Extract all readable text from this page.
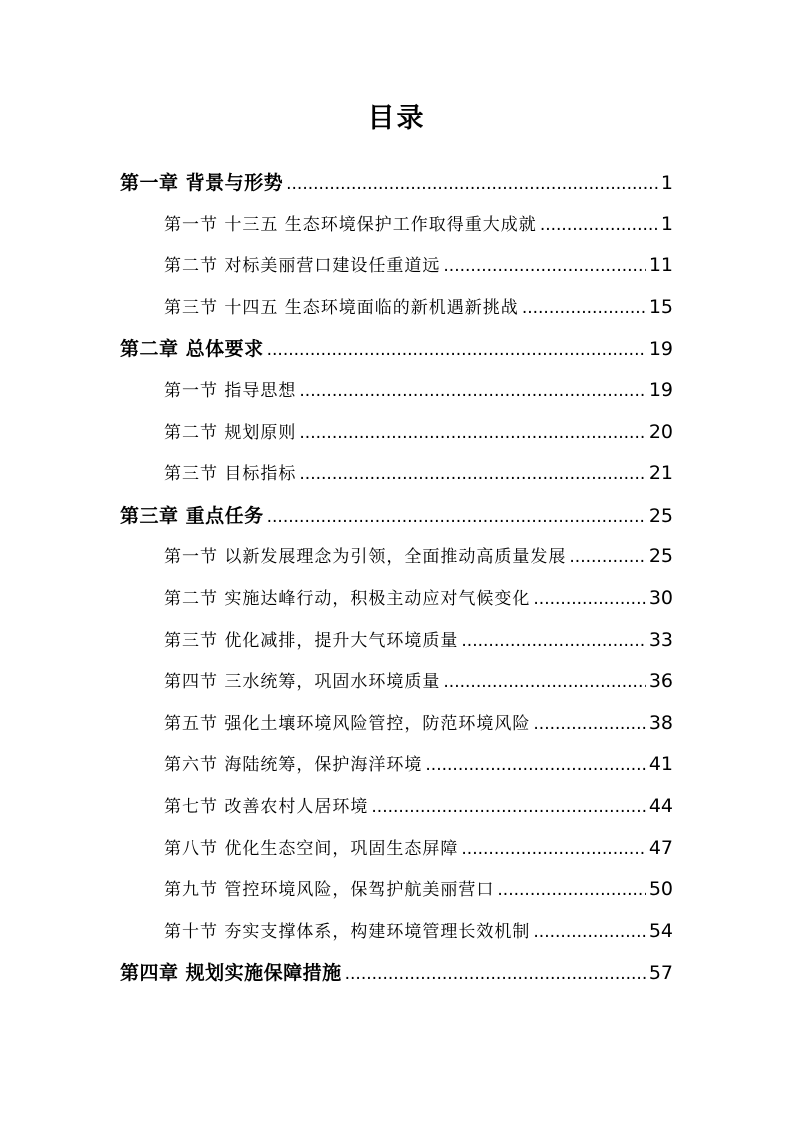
目录
第一章 背景与形势 .....	1
第一节 十三五 生态环境保护工作取得重大成就 .....	1
第二节 对标美丽营口建设任重道远 .....	11
第三节 十四五 生态环境面临的新机遇新挑战 .....	15
第二章 总体要求 .....	19
第一节 指导思想 .....	19
第二节 规划原则 .....	20
第三节 目标指标 .....	21
第三章 重点任务 .....	25
第一节 以新发展理念为引领，全面推动高质量发展 .....	25
第二节 实施达峰行动，积极主动应对气候变化 .....	30
第三节 优化减排，提升大气环境质量 .....	33
第四节 三水统筹，巩固水环境质量 .....	36
第五节 强化土壤环境风险管控，防范环境风险 .....	38
第六节 海陆统筹，保护海洋环境 .....	41
第七节 改善农村人居环境 .....	44
第八节 优化生态空间，巩固生态屏障 .....	47
第九节 管控环境风险，保驾护航美丽营口 .....	50
第十节 夯实支撑体系，构建环境管理长效机制 .....	54
第四章 规划实施保障措施 .....	57
